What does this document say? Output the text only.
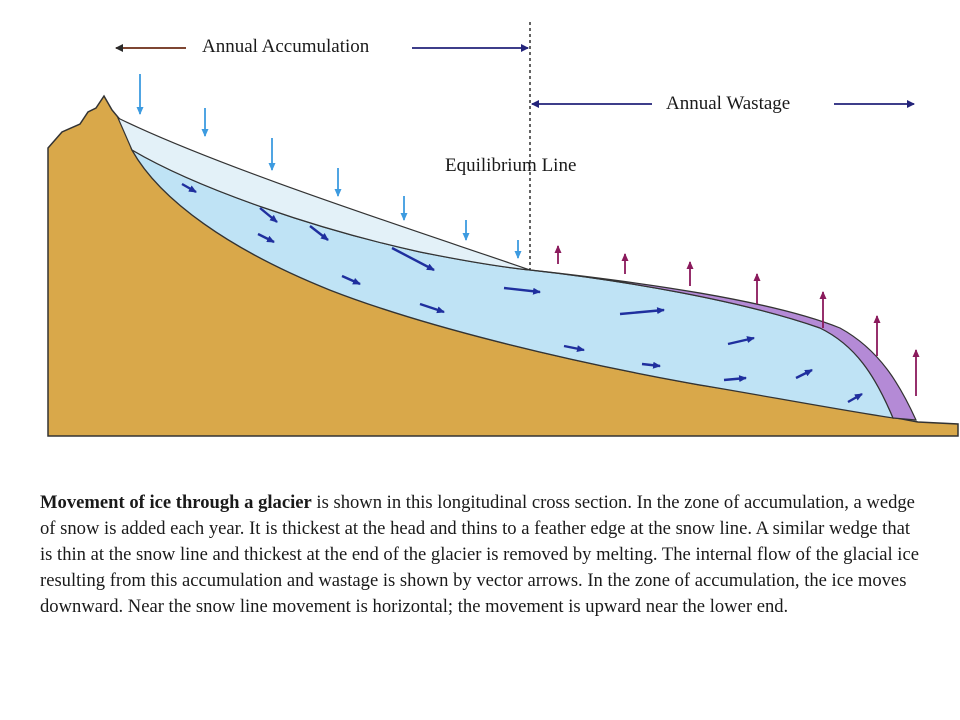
Annual Accumulation
Annual Wastage
Equilibrium Line

Movement of ice through a glacier is shown in this longitudinal cross section. In the zone of accumulation, a wedge of snow is added each year. It is thickest at the head and thins to a feather edge at the snow line. A similar wedge that is thin at the snow line and thickest at the end of the glacier is removed by melting. The internal flow of the glacial ice resulting from this accumulation and wastage is shown by vector arrows. In the zone of accumulation, the ice moves downward. Near the snow line movement is horizontal; the movement is upward near the lower end.
